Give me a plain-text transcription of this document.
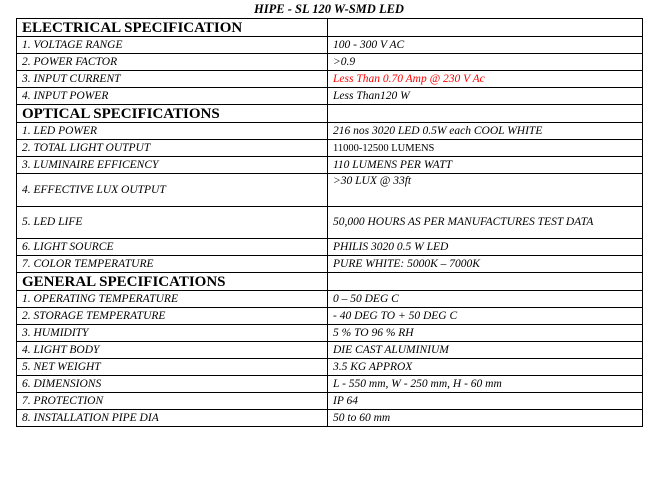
HIPE - SL 120 W-SMD LED
ELECTRICAL SPECIFICATION	
1. VOLTAGE RANGE	100 - 300 V AC
2. POWER FACTOR	>0.9
3. INPUT CURRENT	Less Than 0.70 Amp @ 230 V Ac
4. INPUT POWER	Less Than120 W
OPTICAL SPECIFICATIONS	
1. LED POWER	216 nos 3020 LED 0.5W each COOL WHITE
2. TOTAL LIGHT OUTPUT	11000-12500 LUMENS
3. LUMINAIRE EFFICENCY	110 LUMENS PER WATT
4. EFFECTIVE LUX OUTPUT	>30 LUX @ 33ft
5. LED LIFE	50,000 HOURS AS PER MANUFACTURES TEST DATA
6. LIGHT SOURCE	PHILIS 3020 0.5 W LED
7. COLOR TEMPERATURE	PURE WHITE: 5000K – 7000K
GENERAL SPECIFICATIONS	
1. OPERATING TEMPERATURE	0 – 50 DEG C
2. STORAGE TEMPERATURE	- 40 DEG TO + 50 DEG C
3. HUMIDITY	5 % TO 96 % RH
4. LIGHT BODY	DIE CAST ALUMINIUM
5. NET WEIGHT	3.5 KG APPROX
6. DIMENSIONS	L - 550 mm, W - 250 mm, H - 60 mm
7. PROTECTION	IP 64
8. INSTALLATION PIPE DIA	50 to 60 mm
